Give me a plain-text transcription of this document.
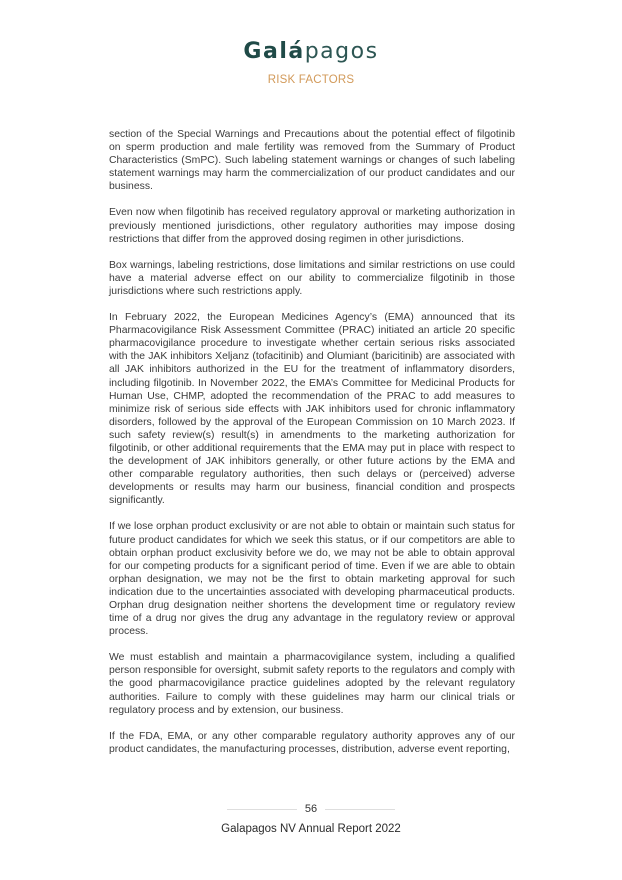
Galápagos
RISK FACTORS

section of the Special Warnings and Precautions about the potential effect of filgotinib on sperm production and male fertility was removed from the Summary of Product Characteristics (SmPC). Such labeling statement warnings or changes of such labeling statement warnings may harm the commercialization of our product candidates and our business.

Even now when filgotinib has received regulatory approval or marketing authorization in previously mentioned jurisdictions, other regulatory authorities may impose dosing restrictions that differ from the approved dosing regimen in other jurisdictions.

Box warnings, labeling restrictions, dose limitations and similar restrictions on use could have a material adverse effect on our ability to commercialize filgotinib in those jurisdictions where such restrictions apply.

In February 2022, the European Medicines Agency’s (EMA) announced that its Pharmacovigilance Risk Assessment Committee (PRAC) initiated an article 20 specific pharmacovigilance procedure to investigate whether certain serious risks associated with the JAK inhibitors Xeljanz (tofacitinib) and Olumiant (baricitinib) are associated with all JAK inhibitors authorized in the EU for the treatment of inflammatory disorders, including filgotinib. In November 2022, the EMA’s Committee for Medicinal Products for Human Use, CHMP, adopted the recommendation of the PRAC to add measures to minimize risk of serious side effects with JAK inhibitors used for chronic inflammatory disorders, followed by the approval of the European Commission on 10 March 2023. If such safety review(s) result(s) in amendments to the marketing authorization for filgotinib, or other additional requirements that the EMA may put in place with respect to the development of JAK inhibitors generally, or other future actions by the EMA and other comparable regulatory authorities, then such delays or (perceived) adverse developments or results may harm our business, financial condition and prospects significantly.

If we lose orphan product exclusivity or are not able to obtain or maintain such status for future product candidates for which we seek this status, or if our competitors are able to obtain orphan product exclusivity before we do, we may not be able to obtain approval for our competing products for a significant period of time. Even if we are able to obtain orphan designation, we may not be the first to obtain marketing approval for such indication due to the uncertainties associated with developing pharmaceutical products. Orphan drug designation neither shortens the development time or regulatory review time of a drug nor gives the drug any advantage in the regulatory review or approval process.

We must establish and maintain a pharmacovigilance system, including a qualified person responsible for oversight, submit safety reports to the regulators and comply with the good pharmacovigilance practice guidelines adopted by the relevant regulatory authorities. Failure to comply with these guidelines may harm our clinical trials or regulatory process and by extension, our business.

If the FDA, EMA, or any other comparable regulatory authority approves any of our product candidates, the manufacturing processes, distribution, adverse event reporting,

56
Galapagos NV Annual Report 2022
